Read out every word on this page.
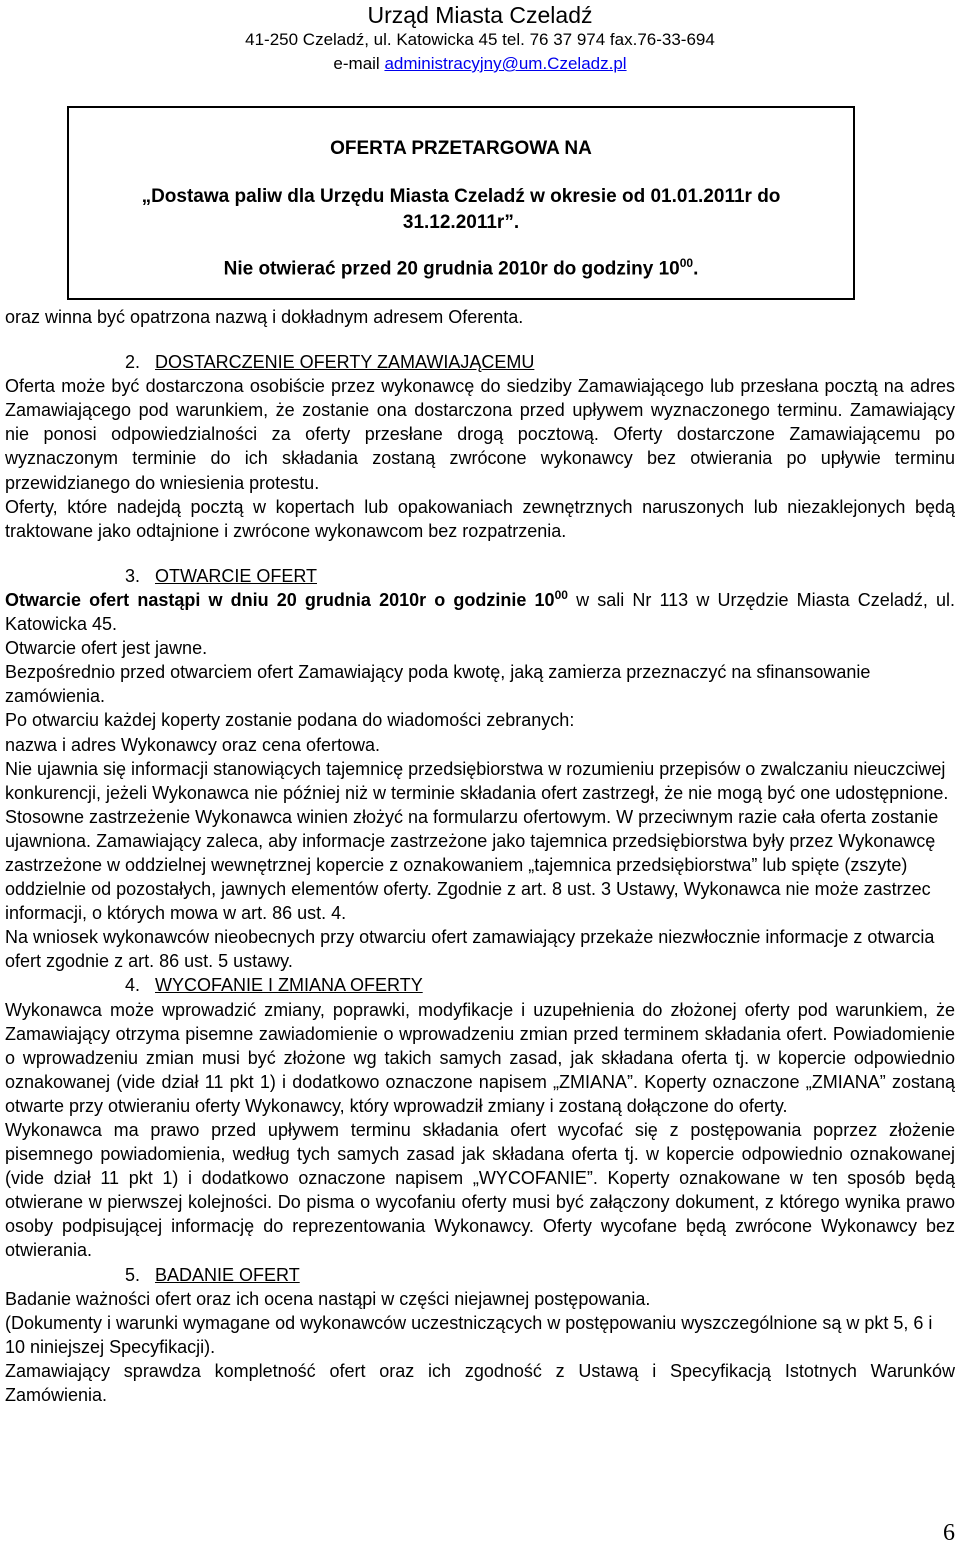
Urząd Miasta Czeladź
41-250 Czeladź, ul. Katowicka 45 tel. 76 37 974 fax.76-33-694
e-mail administracyjny@um.Czeladz.pl
OFERTA PRZETARGOWA NA
„Dostawa paliw dla Urzędu Miasta Czeladź w okresie od 01.01.2011r do 31.12.2011r”.
Nie otwierać przed 20 grudnia 2010r do godziny $10^{00}$.

oraz winna być opatrzona nazwą i dokładnym adresem Oferenta.

2. DOSTARCZENIE OFERTY ZAMAWIAJĄCEMU

Oferta może być dostarczona osobiście przez wykonawcę do siedziby Zamawiającego lub przesłana pocztą na adres Zamawiającego pod warunkiem, że zostanie ona dostarczona przed upływem wyznaczonego terminu. Zamawiający nie ponosi odpowiedzialności za oferty przesłane drogą pocztową. Oferty dostarczone Zamawiającemu po wyznaczonym terminie do ich składania zostaną zwrócone wykonawcy bez otwierania po upływie terminu przewidzianego do wniesienia protestu.

Oferty, które nadejdą pocztą w kopertach lub opakowaniach zewnętrznych naruszonych lub niezaklejonych będą traktowane jako odtajnione i zwrócone wykonawcom bez rozpatrzenia.

3. OTWARCIE OFERT

Otwarcie ofert nastąpi w dniu 20 grudnia 2010r o godzinie $10^{00}$ w sali Nr 113 w Urzędzie Miasta Czeladź, ul. Katowicka 45.

Otwarcie ofert jest jawne.

Bezpośrednio przed otwarciem ofert Zamawiający poda kwotę, jaką zamierza przeznaczyć na sfinansowanie zamówienia.

Po otwarciu każdej koperty zostanie podana do wiadomości zebranych:

nazwa i adres Wykonawcy oraz cena ofertowa.

Nie ujawnia się informacji stanowiących tajemnicę przedsiębiorstwa w rozumieniu przepisów o zwalczaniu nieuczciwej konkurencji, jeżeli Wykonawca nie później niż w terminie składania ofert zastrzegł, że nie mogą być one udostępnione.

Stosowne zastrzeżenie Wykonawca winien złożyć na formularzu ofertowym. W przeciwnym razie cała oferta zostanie ujawniona. Zamawiający zaleca, aby informacje zastrzeżone jako tajemnica przedsiębiorstwa były przez Wykonawcę zastrzeżone w oddzielnej wewnętrznej kopercie z oznakowaniem „tajemnica przedsiębiorstwa” lub spięte (zszyte) oddzielnie od pozostałych, jawnych elementów oferty. Zgodnie z art. 8 ust. 3 Ustawy, Wykonawca nie może zastrzec informacji, o których mowa w art. 86 ust. 4.

Na wniosek wykonawców nieobecnych przy otwarciu ofert zamawiający przekaże niezwłocznie informacje z otwarcia ofert zgodnie z art. 86 ust. 5 ustawy.

4. WYCOFANIE I ZMIANA OFERTY

Wykonawca może wprowadzić zmiany, poprawki, modyfikacje i uzupełnienia do złożonej oferty pod warunkiem, że Zamawiający otrzyma pisemne zawiadomienie o wprowadzeniu zmian przed terminem składania ofert. Powiadomienie o wprowadzeniu zmian musi być złożone wg takich samych zasad, jak składana oferta tj. w kopercie odpowiednio oznakowanej (vide dział 11 pkt 1) i dodatkowo oznaczone napisem „ZMIANA”. Koperty oznaczone „ZMIANA” zostaną otwarte przy otwieraniu oferty Wykonawcy, który wprowadził zmiany i zostaną dołączone do oferty.

Wykonawca ma prawo przed upływem terminu składania ofert wycofać się z postępowania poprzez złożenie pisemnego powiadomienia, według tych samych zasad jak składana oferta tj. w kopercie odpowiednio oznakowanej (vide dział 11 pkt 1) i dodatkowo oznaczone napisem „WYCOFANIE”. Koperty oznakowane w ten sposób będą otwierane w pierwszej kolejności. Do pisma o wycofaniu oferty musi być załączony dokument, z którego wynika prawo osoby podpisującej informację do reprezentowania Wykonawcy. Oferty wycofane będą zwrócone Wykonawcy bez otwierania.

5. BADANIE OFERT

Badanie ważności ofert oraz ich ocena nastąpi w części niejawnej postępowania.

(Dokumenty i warunki wymagane od wykonawców uczestniczących w postępowaniu wyszczególnione są w pkt 5, 6 i 10 niniejszej Specyfikacji).

Zamawiający sprawdza kompletność ofert oraz ich zgodność z Ustawą i Specyfikacją Istotnych Warunków Zamówienia.

6
